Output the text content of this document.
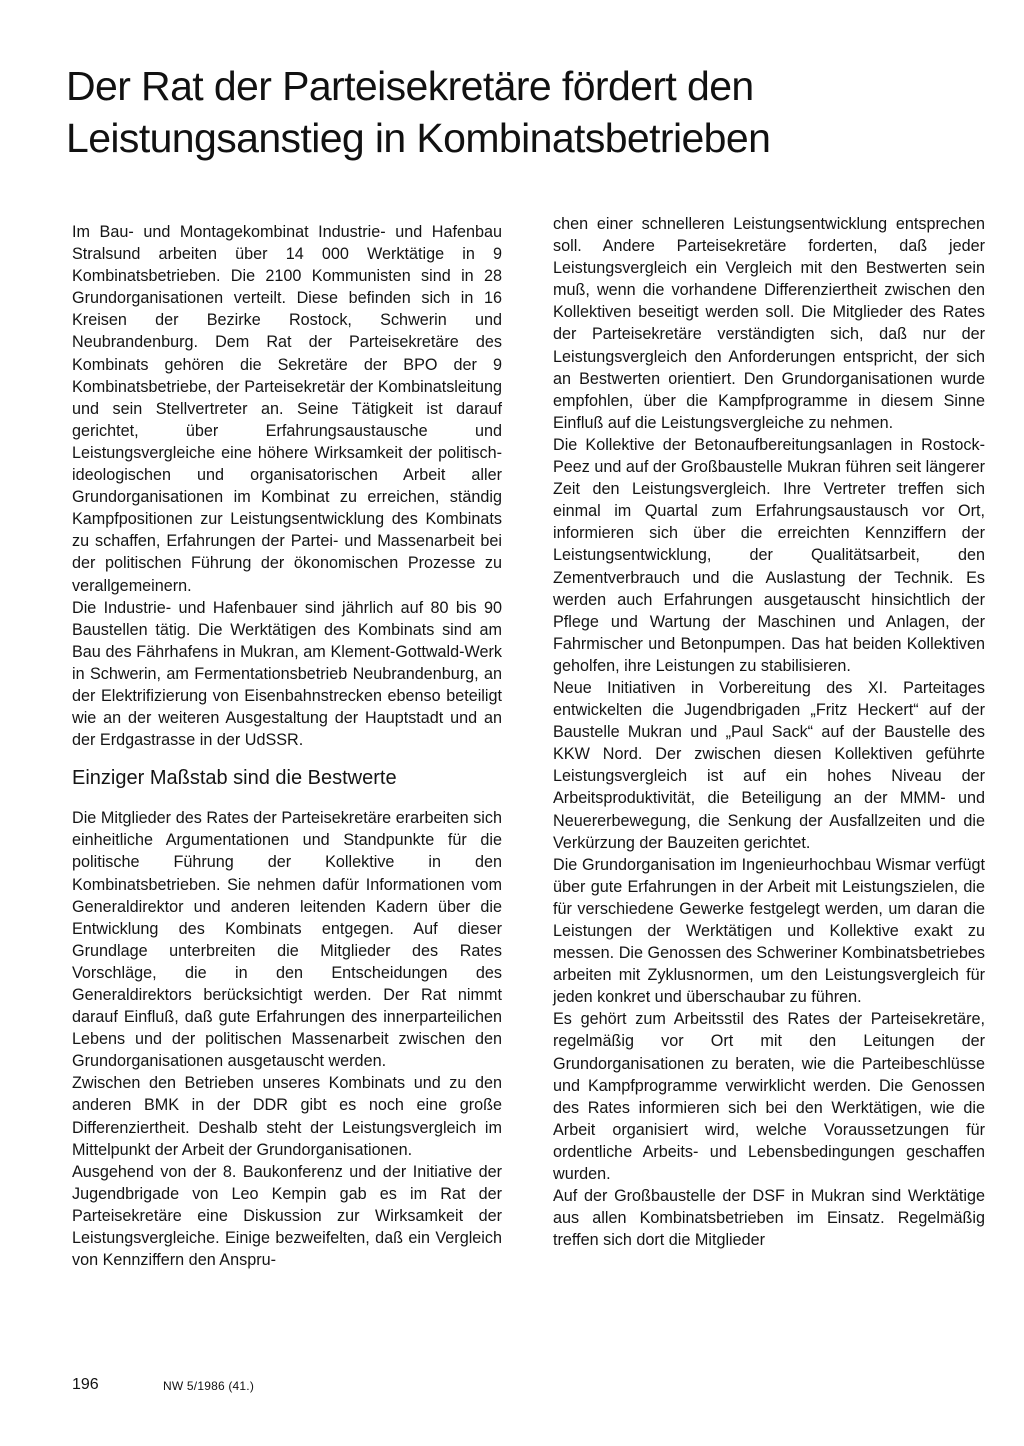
Der Rat der Parteisekretäre fördert den
Leistungsanstieg in Kombinatsbetrieben

Im Bau- und Montagekombinat Industrie- und Hafenbau Stralsund arbeiten über 14 000 Werktätige in 9 Kombinatsbetrieben. Die 2100 Kommunisten sind in 28 Grundorganisationen verteilt. Diese befinden sich in 16 Kreisen der Bezirke Rostock, Schwerin und Neubrandenburg. Dem Rat der Parteisekretäre des Kombinats gehören die Sekretäre der BPO der 9 Kombinatsbetriebe, der Parteisekretär der Kombinatsleitung und sein Stellvertreter an. Seine Tätigkeit ist darauf gerichtet, über Erfahrungsaustausche und Leistungsvergleiche eine höhere Wirksamkeit der politisch-ideologischen und organisatorischen Arbeit aller Grundorganisationen im Kombinat zu erreichen, ständig Kampfpositionen zur Leistungsentwicklung des Kombinats zu schaffen, Erfahrungen der Partei- und Massenarbeit bei der politischen Führung der ökonomischen Prozesse zu verallgemeinern.

Die Industrie- und Hafenbauer sind jährlich auf 80 bis 90 Baustellen tätig. Die Werktätigen des Kombinats sind am Bau des Fährhafens in Mukran, am Klement-Gottwald-Werk in Schwerin, am Fermentationsbetrieb Neubrandenburg, an der Elektrifizierung von Eisenbahnstrecken ebenso beteiligt wie an der weiteren Ausgestaltung der Hauptstadt und an der Erdgastrasse in der UdSSR.

Einziger Maßstab sind die Bestwerte

Die Mitglieder des Rates der Parteisekretäre erarbeiten sich einheitliche Argumentationen und Standpunkte für die politische Führung der Kollektive in den Kombinatsbetrieben. Sie nehmen dafür Informationen vom Generaldirektor und anderen leitenden Kadern über die Entwicklung des Kombinats entgegen. Auf dieser Grundlage unterbreiten die Mitglieder des Rates Vorschläge, die in den Entscheidungen des Generaldirektors berücksichtigt werden. Der Rat nimmt darauf Einfluß, daß gute Erfahrungen des innerparteilichen Lebens und der politischen Massenarbeit zwischen den Grundorganisationen ausgetauscht werden.

Zwischen den Betrieben unseres Kombinats und zu den anderen BMK in der DDR gibt es noch eine große Differenziertheit. Deshalb steht der Leistungsvergleich im Mittelpunkt der Arbeit der Grundorganisationen.

Ausgehend von der 8. Baukonferenz und der Initiative der Jugendbrigade von Leo Kempin gab es im Rat der Parteisekretäre eine Diskussion zur Wirksamkeit der Leistungsvergleiche. Einige bezweifelten, daß ein Vergleich von Kennziffern den Anspru-

chen einer schnelleren Leistungsentwicklung entsprechen soll. Andere Parteisekretäre forderten, daß jeder Leistungsvergleich ein Vergleich mit den Bestwerten sein muß, wenn die vorhandene Differenziertheit zwischen den Kollektiven beseitigt werden soll. Die Mitglieder des Rates der Parteisekretäre verständigten sich, daß nur der Leistungsvergleich den Anforderungen entspricht, der sich an Bestwerten orientiert. Den Grundorganisationen wurde empfohlen, über die Kampfprogramme in diesem Sinne Einfluß auf die Leistungsvergleiche zu nehmen.

Die Kollektive der Betonaufbereitungsanlagen in Rostock-Peez und auf der Großbaustelle Mukran führen seit längerer Zeit den Leistungsvergleich. Ihre Vertreter treffen sich einmal im Quartal zum Erfahrungsaustausch vor Ort, informieren sich über die erreichten Kennziffern der Leistungsentwicklung, der Qualitätsarbeit, den Zementverbrauch und die Auslastung der Technik. Es werden auch Erfahrungen ausgetauscht hinsichtlich der Pflege und Wartung der Maschinen und Anlagen, der Fahrmischer und Betonpumpen. Das hat beiden Kollektiven geholfen, ihre Leistungen zu stabilisieren.

Neue Initiativen in Vorbereitung des XI. Parteitages entwickelten die Jugendbrigaden „Fritz Heckert“ auf der Baustelle Mukran und „Paul Sack“ auf der Baustelle des KKW Nord. Der zwischen diesen Kollektiven geführte Leistungsvergleich ist auf ein hohes Niveau der Arbeitsproduktivität, die Beteiligung an der MMM- und Neuererbewegung, die Senkung der Ausfallzeiten und die Verkürzung der Bauzeiten gerichtet.

Die Grundorganisation im Ingenieurhochbau Wismar verfügt über gute Erfahrungen in der Arbeit mit Leistungszielen, die für verschiedene Gewerke festgelegt werden, um daran die Leistungen der Werktätigen und Kollektive exakt zu messen. Die Genossen des Schweriner Kombinatsbetriebes arbeiten mit Zyklusnormen, um den Leistungsvergleich für jeden konkret und überschaubar zu führen.

Es gehört zum Arbeitsstil des Rates der Parteisekretäre, regelmäßig vor Ort mit den Leitungen der Grundorganisationen zu beraten, wie die Parteibeschlüsse und Kampfprogramme verwirklicht werden. Die Genossen des Rates informieren sich bei den Werktätigen, wie die Arbeit organisiert wird, welche Voraussetzungen für ordentliche Arbeits- und Lebensbedingungen geschaffen wurden.

Auf der Großbaustelle der DSF in Mukran sind Werktätige aus allen Kombinatsbetrieben im Einsatz. Regelmäßig treffen sich dort die Mitglieder

196	NW 5/1986 (41.)
